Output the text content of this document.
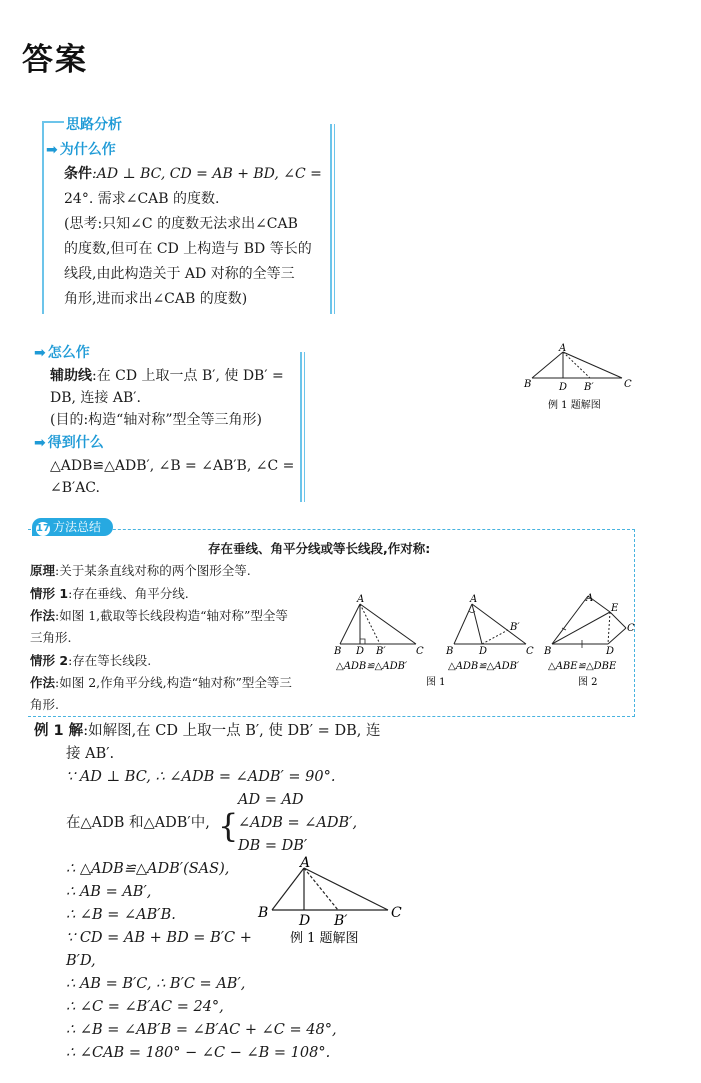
答案
思路分析
➡ 为什么作
条件:AD ⊥ BC, CD = AB + BD, ∠C =
24°. 需求∠CAB 的度数.
(思考:只知∠C 的度数无法求出∠CAB
的度数,但可在 CD 上构造与 BD 等长的
线段,由此构造关于 AD 对称的全等三
角形,进而求出∠CAB 的度数)
➡ 怎么作
辅助线:在 CD 上取一点 B′, 使 DB′ =
DB, 连接 AB′.
(目的:构造“轴对称”型全等三角形)
➡ 得到什么
△ADB≌△ADB′, ∠B = ∠AB′B, ∠C =
∠B′AC.
A
B	D B′	C
例 1 题解图
17 方法总结
存在垂线、角平分线或等长线段,作对称:
原理:关于某条直线对称的两个图形全等.
情形 1:存在垂线、角平分线.
作法:如图 1,截取等长线段构造“轴对称”型全等
三角形.
情形 2:存在等长线段.
作法:如图 2,作角平分线,构造“轴对称”型全等三
角形.
A
B D B′	C
△ADB≌△ADB′
A
B	D
B′
C
△ADB≌△ADB′
A
B	D
E
C
△ABE≌△DBE
图 1	图 2
例 1 解:如解图,在 CD 上取一点 B′, 使 DB′ = DB, 连
接 AB′.
∵ AD ⊥ BC, ∴ ∠ADB = ∠ADB′ = 90°.
在△ADB 和△ADB′中, {
AD = AD
∠ADB = ∠ADB′,
DB = DB′
∴ △ADB≌△ADB′(SAS),
∴ AB = AB′,
∴ ∠B = ∠AB′B.
∵ CD = AB + BD = B′C +
B′D,
∴ AB = B′C, ∴ B′C = AB′,
∴ ∠C = ∠B′AC = 24°,
∴ ∠B = ∠AB′B = ∠B′AC + ∠C = 48°,
∴ ∠CAB = 180° − ∠C − ∠B = 108°.
A
B D B′	C
例 1 题解图
